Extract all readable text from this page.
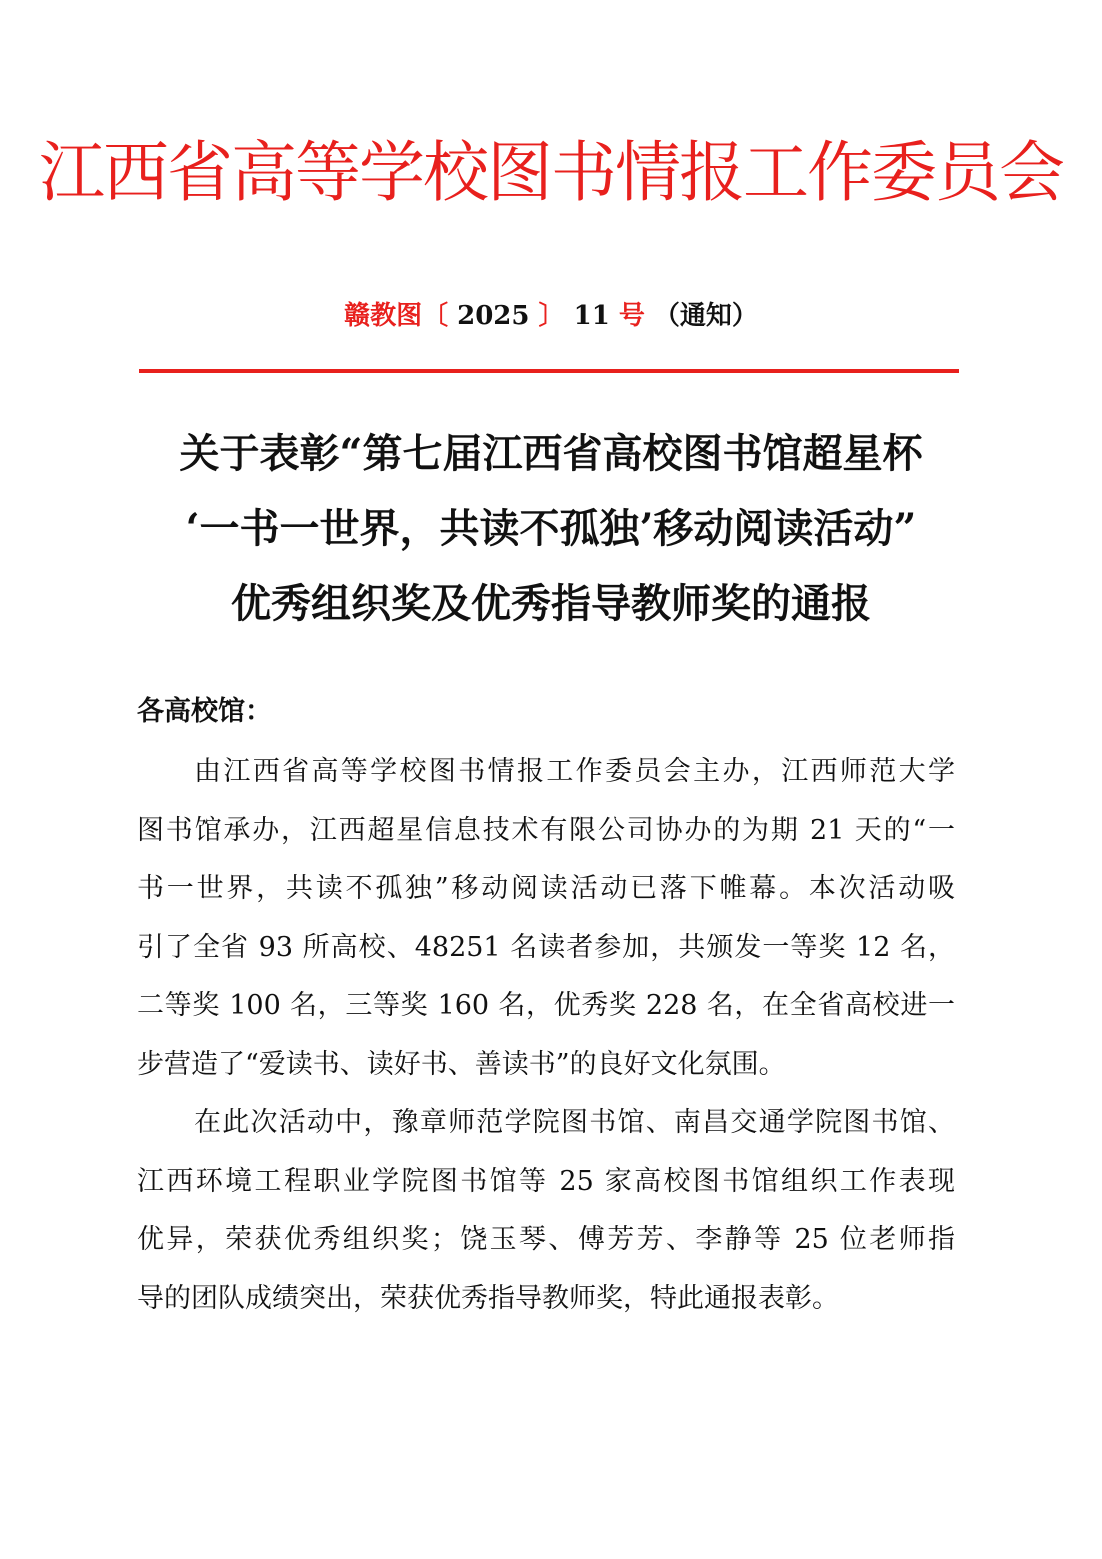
江西省高等学校图书情报工作委员会
赣教图〔 2025 〕 11 号 （通知）
关于表彰“第七届江西省高校图书馆超星杯
‘一书一世界，共读不孤独’移动阅读活动”
优秀组织奖及优秀指导教师奖的通报
各高校馆：
由江西省高等学校图书情报工作委员会主办，江西师范大学
图书馆承办，江西超星信息技术有限公司协办的为期 21 天的“一
书一世界，共读不孤独”移动阅读活动已落下帷幕。本次活动吸
引了全省 93 所高校、48251 名读者参加，共颁发一等奖 12 名，
二等奖 100 名，三等奖 160 名，优秀奖 228 名，在全省高校进一
步营造了“爱读书、读好书、善读书”的良好文化氛围。
在此次活动中，豫章师范学院图书馆、南昌交通学院图书馆、
江西环境工程职业学院图书馆等 25 家高校图书馆组织工作表现
优异，荣获优秀组织奖；饶玉琴、傅芳芳、李静等 25 位老师指
导的团队成绩突出，荣获优秀指导教师奖，特此通报表彰。
